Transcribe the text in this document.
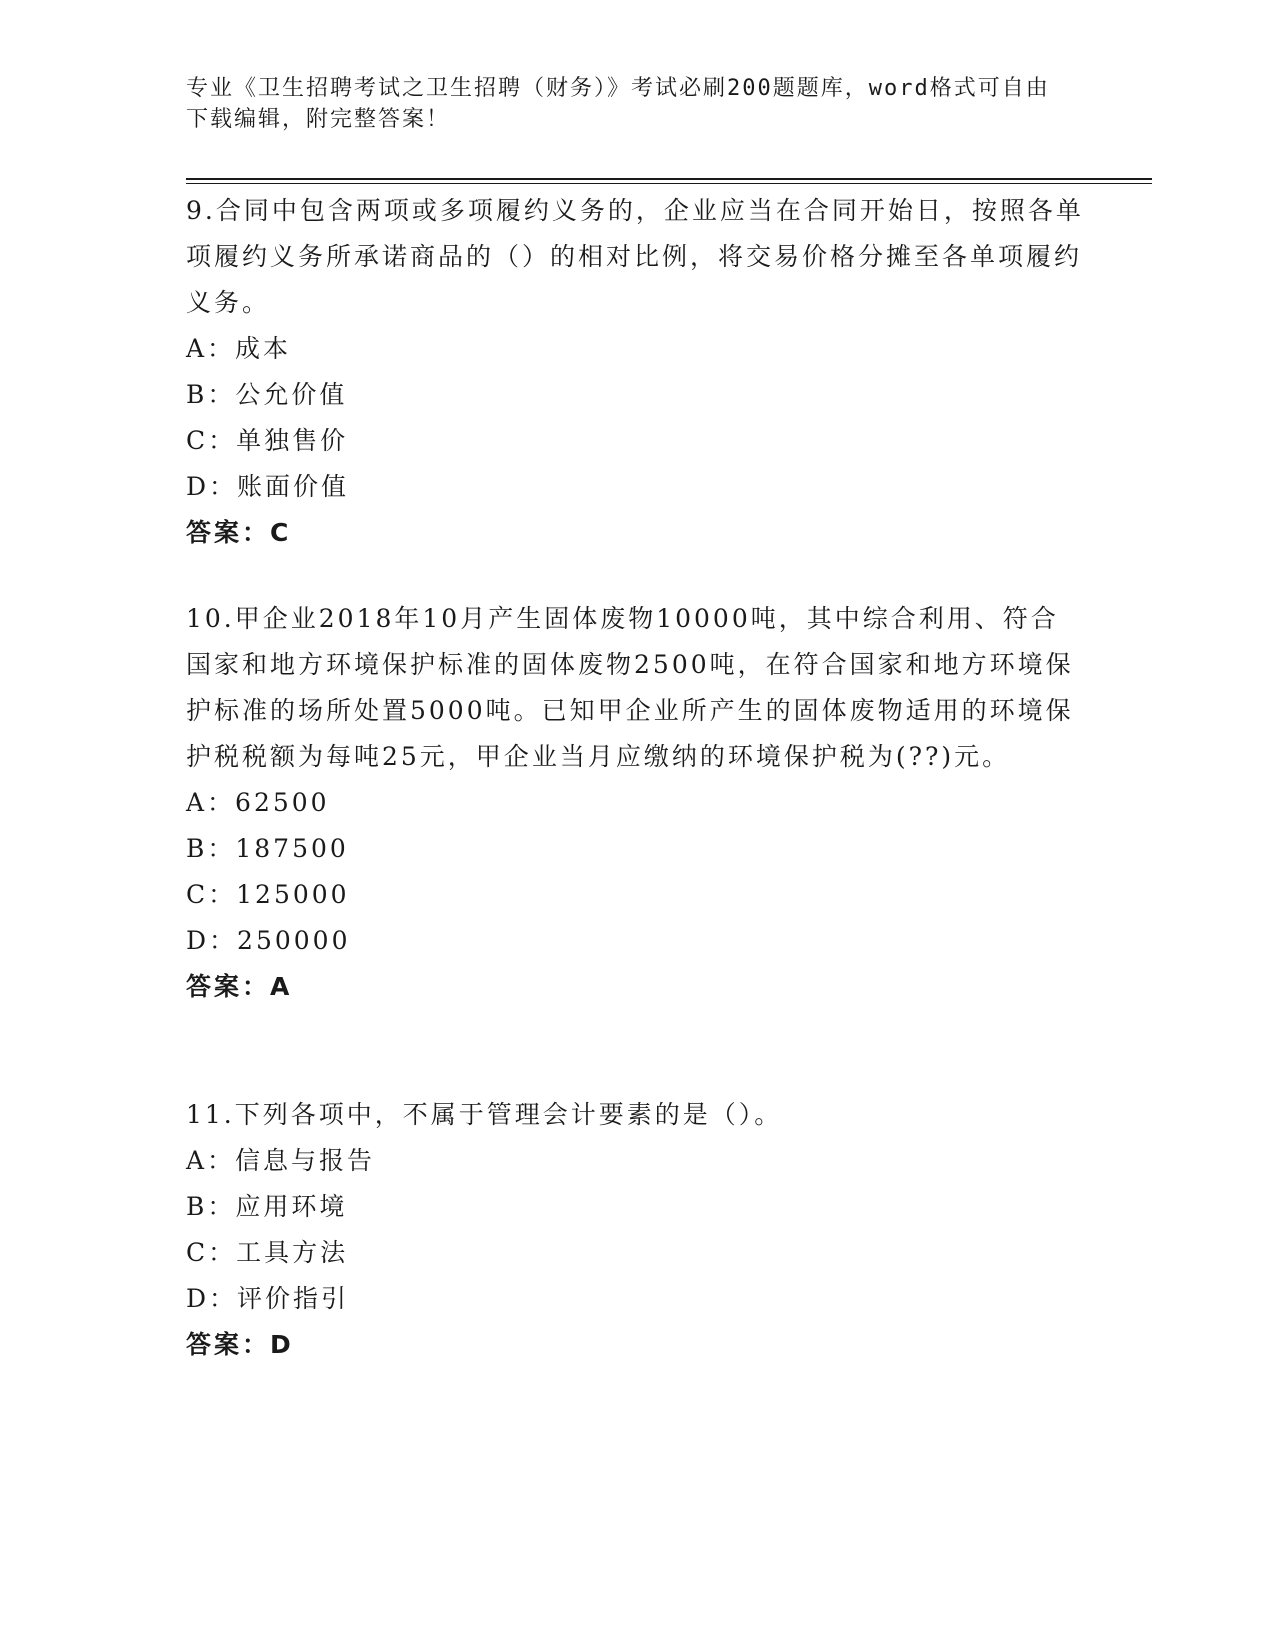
专业《卫生招聘考试之卫生招聘（财务）》考试必刷200题题库，word格式可自由下载编辑，附完整答案！

9.合同中包含两项或多项履约义务的，企业应当在合同开始日，按照各单项履约义务所承诺商品的（）的相对比例，将交易价格分摊至各单项履约义务。

A：成本

B：公允价值

C：单独售价

D：账面价值

答案：C

10.甲企业2018年10月产生固体废物10000吨，其中综合利用、符合国家和地方环境保护标准的固体废物2500吨，在符合国家和地方环境保护标准的场所处置5000吨。已知甲企业所产生的固体废物适用的环境保护税税额为每吨25元，甲企业当月应缴纳的环境保护税为(??)元。

A：62500

B：187500

C：125000

D：250000

答案：A

11.下列各项中，不属于管理会计要素的是（）。

A：信息与报告

B：应用环境

C：工具方法

D：评价指引

答案：D
